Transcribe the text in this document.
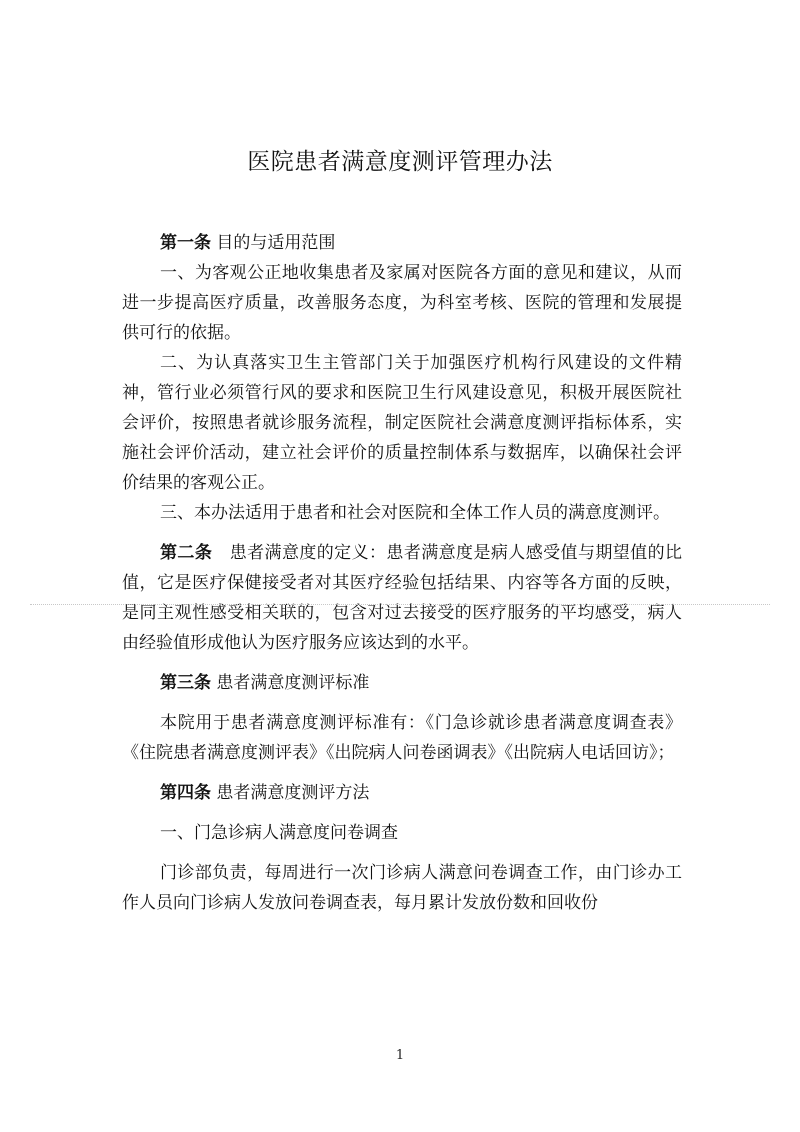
医院患者满意度测评管理办法

第一条 目的与适用范围

一、为客观公正地收集患者及家属对医院各方面的意见和建议，从而进一步提高医疗质量，改善服务态度，为科室考核、医院的管理和发展提供可行的依据。

二、为认真落实卫生主管部门关于加强医疗机构行风建设的文件精神，管行业必须管行风的要求和医院卫生行风建设意见，积极开展医院社会评价，按照患者就诊服务流程，制定医院社会满意度测评指标体系，实施社会评价活动，建立社会评价的质量控制体系与数据库，以确保社会评价结果的客观公正。

三、本办法适用于患者和社会对医院和全体工作人员的满意度测评。

第二条 患者满意度的定义：患者满意度是病人感受值与期望值的比值，它是医疗保健接受者对其医疗经验包括结果、内容等各方面的反映，是同主观性感受相关联的，包含对过去接受的医疗服务的平均感受，病人由经验值形成他认为医疗服务应该达到的水平。

第三条 患者满意度测评标准

本院用于患者满意度测评标准有：《门急诊就诊患者满意度调查表》《住院患者满意度测评表》《出院病人问卷函调表》《出院病人电话回访》；

第四条 患者满意度测评方法

一、门急诊病人满意度问卷调查

门诊部负责，每周进行一次门诊病人满意问卷调查工作，由门诊办工作人员向门诊病人发放问卷调查表，每月累计发放份数和回收份

1
